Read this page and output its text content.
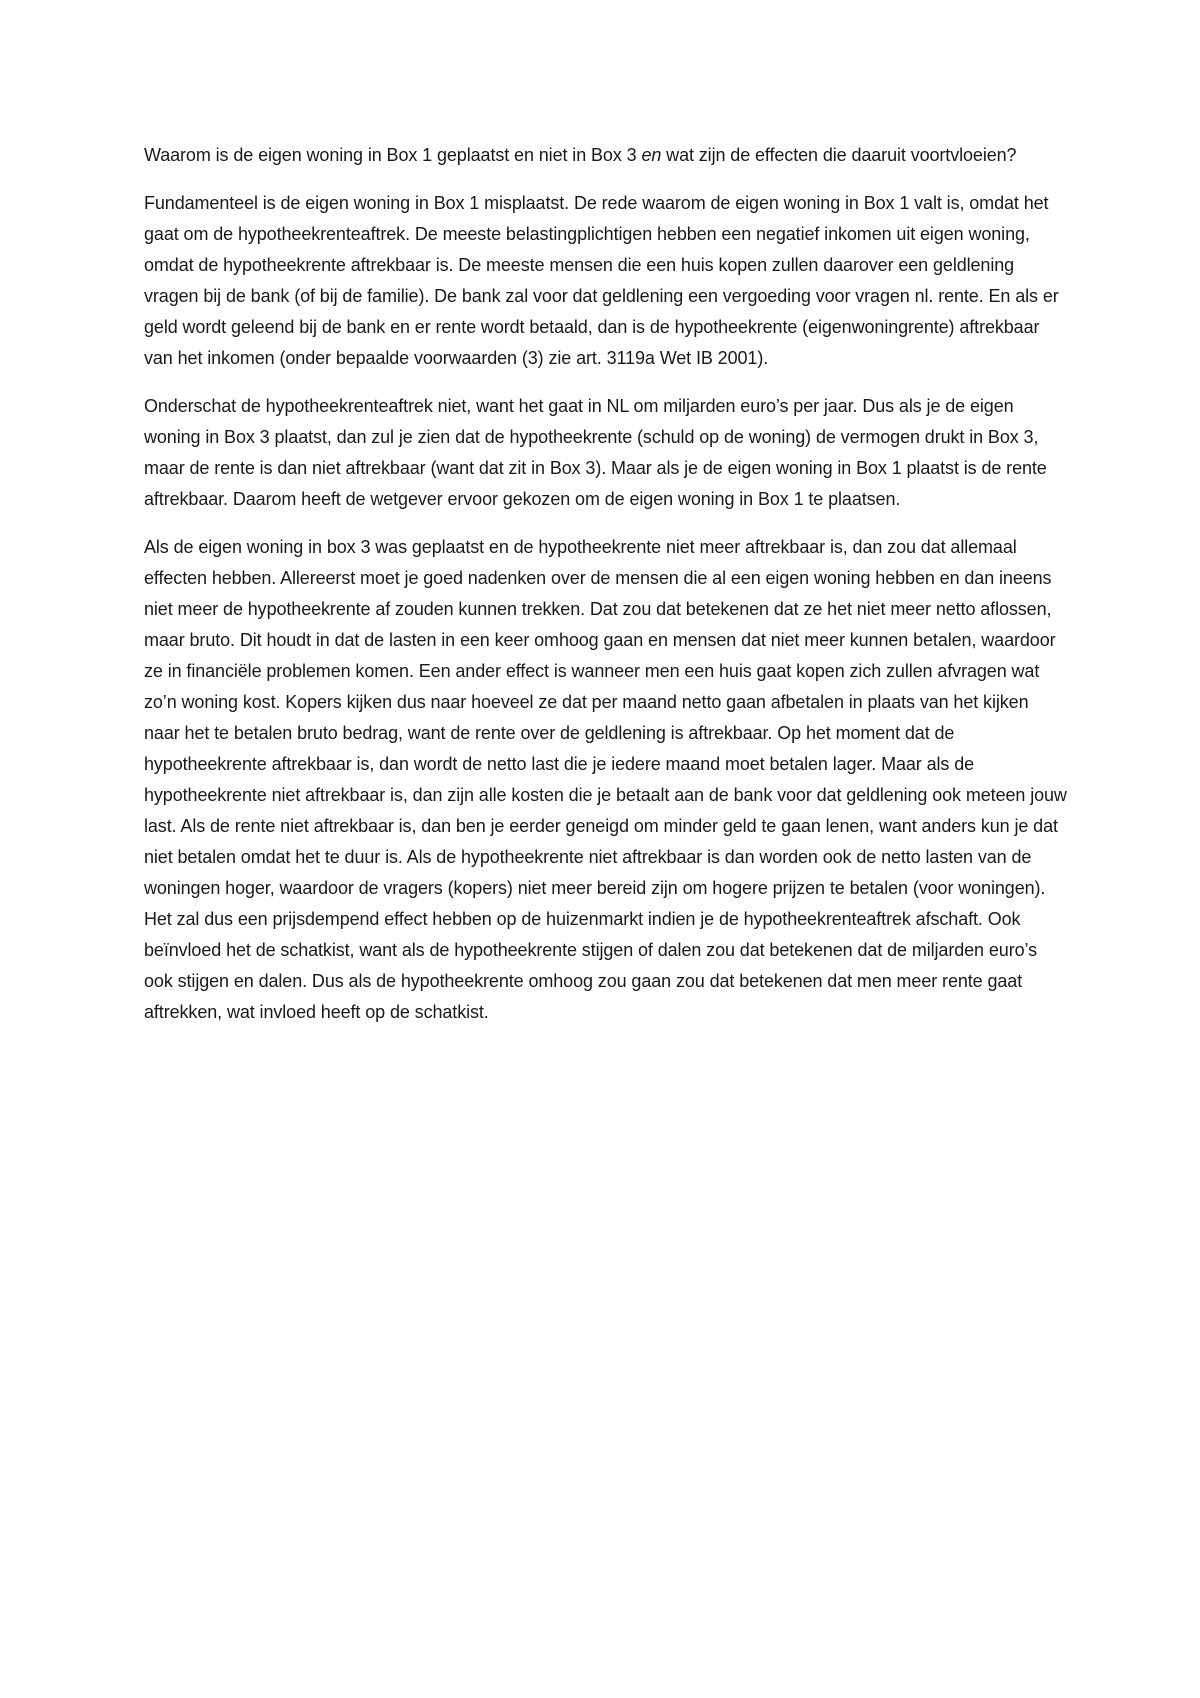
Waarom is de eigen woning in Box 1 geplaatst en niet in Box 3 en wat zijn de effecten die daaruit voortvloeien?

Fundamenteel is de eigen woning in Box 1 misplaatst. De rede waarom de eigen woning in Box 1 valt is, omdat het gaat om de hypotheekrenteaftrek. De meeste belastingplichtigen hebben een negatief inkomen uit eigen woning, omdat de hypotheekrente aftrekbaar is. De meeste mensen die een huis kopen zullen daarover een geldlening vragen bij de bank (of bij de familie). De bank zal voor dat geldlening een vergoeding voor vragen nl. rente. En als er geld wordt geleend bij de bank en er rente wordt betaald, dan is de hypotheekrente (eigenwoningrente) aftrekbaar van het inkomen (onder bepaalde voorwaarden (3) zie art. 3119a Wet IB 2001).

Onderschat de hypotheekrenteaftrek niet, want het gaat in NL om miljarden euro’s per jaar. Dus als je de eigen woning in Box 3 plaatst, dan zul je zien dat de hypotheekrente (schuld op de woning) de vermogen drukt in Box 3, maar de rente is dan niet aftrekbaar (want dat zit in Box 3). Maar als je de eigen woning in Box 1 plaatst is de rente aftrekbaar. Daarom heeft de wetgever ervoor gekozen om de eigen woning in Box 1 te plaatsen.

Als de eigen woning in box 3 was geplaatst en de hypotheekrente niet meer aftrekbaar is, dan zou dat allemaal effecten hebben. Allereerst moet je goed nadenken over de mensen die al een eigen woning hebben en dan ineens niet meer de hypotheekrente af zouden kunnen trekken. Dat zou dat betekenen dat ze het niet meer netto aflossen, maar bruto. Dit houdt in dat de lasten in een keer omhoog gaan en mensen dat niet meer kunnen betalen, waardoor ze in financiële problemen komen. Een ander effect is wanneer men een huis gaat kopen zich zullen afvragen wat zo’n woning kost. Kopers kijken dus naar hoeveel ze dat per maand netto gaan afbetalen in plaats van het kijken naar het te betalen bruto bedrag, want de rente over de geldlening is aftrekbaar. Op het moment dat de hypotheekrente aftrekbaar is, dan wordt de netto last die je iedere maand moet betalen lager. Maar als de hypotheekrente niet aftrekbaar is, dan zijn alle kosten die je betaalt aan de bank voor dat geldlening ook meteen jouw last. Als de rente niet aftrekbaar is, dan ben je eerder geneigd om minder geld te gaan lenen, want anders kun je dat niet betalen omdat het te duur is. Als de hypotheekrente niet aftrekbaar is dan worden ook de netto lasten van de woningen hoger, waardoor de vragers (kopers) niet meer bereid zijn om hogere prijzen te betalen (voor woningen). Het zal dus een prijsdempend effect hebben op de huizenmarkt indien je de hypotheekrenteaftrek afschaft. Ook beïnvloed het de schatkist, want als de hypotheekrente stijgen of dalen zou dat betekenen dat de miljarden euro’s ook stijgen en dalen. Dus als de hypotheekrente omhoog zou gaan zou dat betekenen dat men meer rente gaat aftrekken, wat invloed heeft op de schatkist.
